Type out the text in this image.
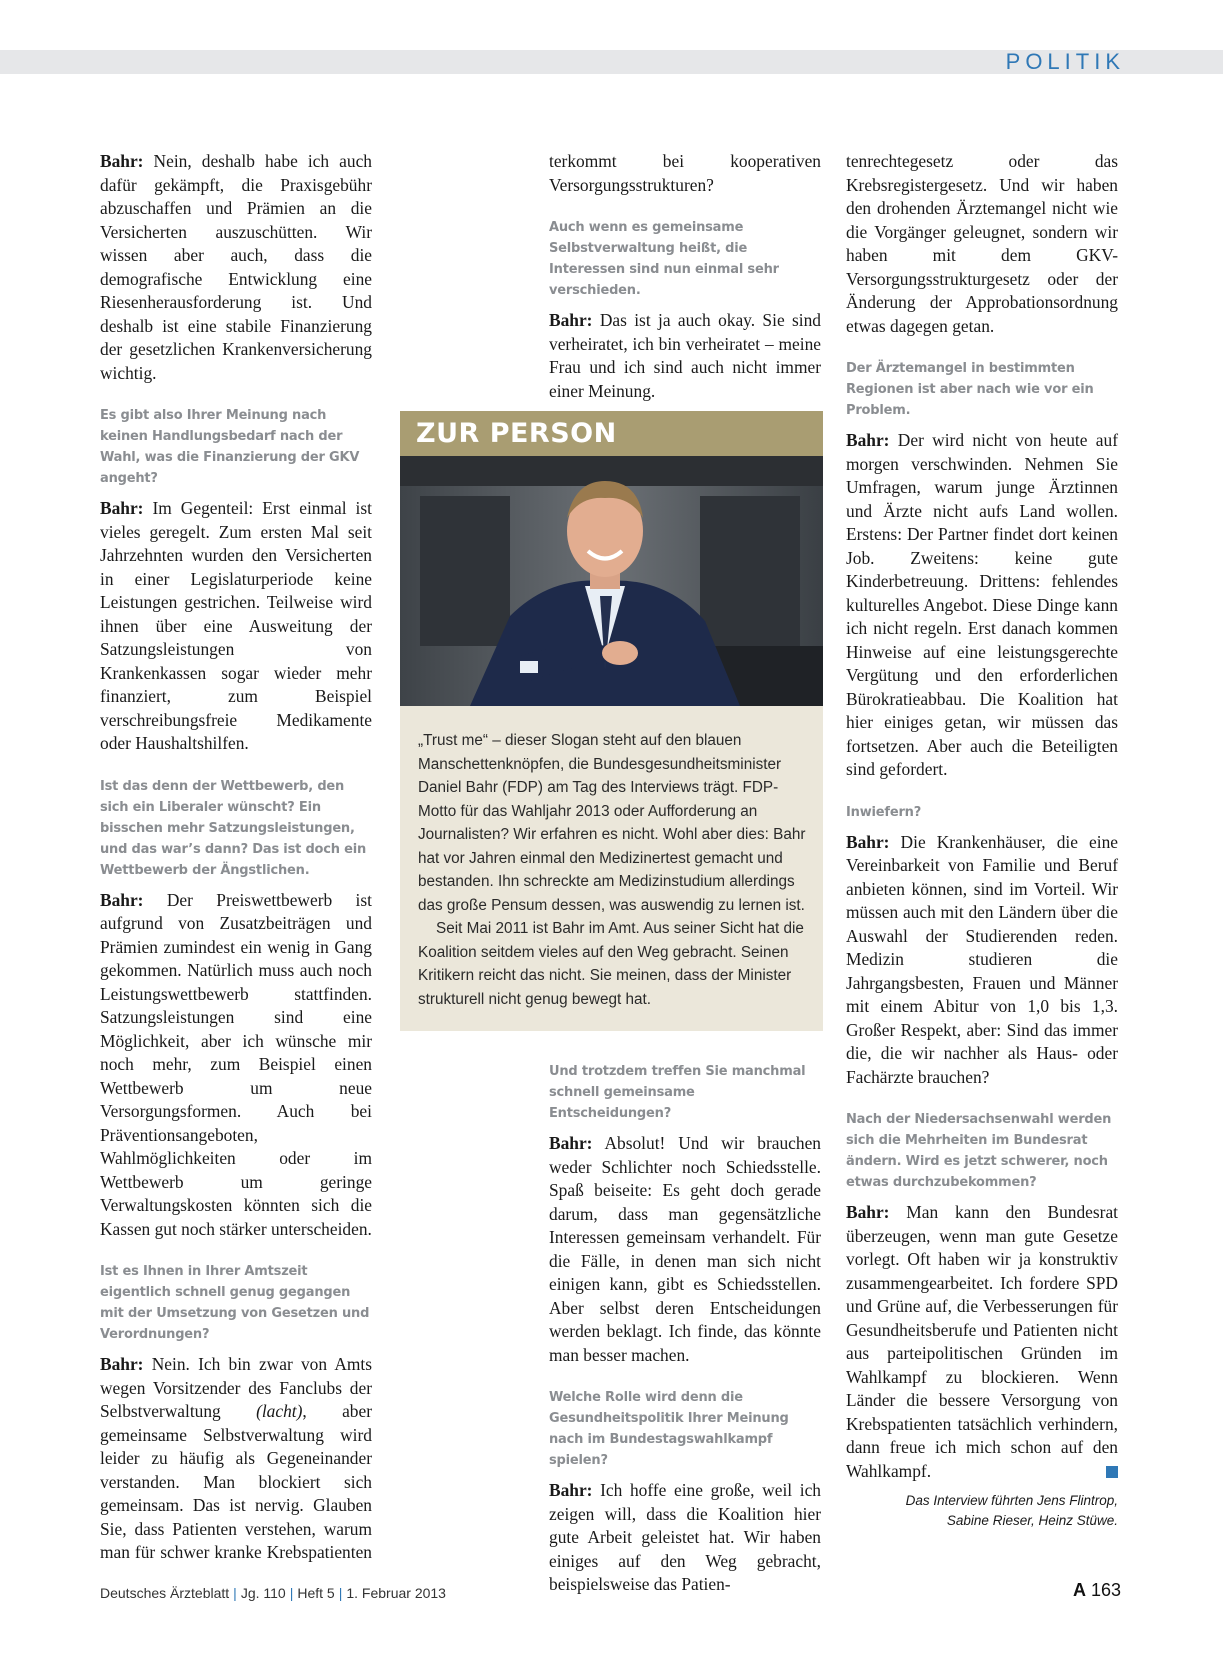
POLITIK

Bahr: Nein, deshalb habe ich auch dafür gekämpft, die Praxisgebühr abzuschaffen und Prämien an die Versicherten auszuschütten. Wir wissen aber auch, dass die demografische Entwicklung eine Riesenherausforderung ist. Und deshalb ist eine stabile Finanzierung der gesetzlichen Krankenversicherung wichtig.

Es gibt also Ihrer Meinung nach keinen Handlungsbedarf nach der Wahl, was die Finanzierung der GKV angeht?

Bahr: Im Gegenteil: Erst einmal ist vieles geregelt. Zum ersten Mal seit Jahrzehnten wurden den Versicherten in einer Legislaturperiode keine Leistungen gestrichen. Teilweise wird ihnen über eine Ausweitung der Satzungsleistungen von Krankenkassen sogar wieder mehr finanziert, zum Beispiel verschreibungsfreie Medikamente oder Haushaltshilfen.

Ist das denn der Wettbewerb, den sich ein Liberaler wünscht? Ein bisschen mehr Satzungsleistungen, und das war’s dann? Das ist doch ein Wettbewerb der Ängstlichen.

Bahr: Der Preiswettbewerb ist aufgrund von Zusatzbeiträgen und Prämien zumindest ein wenig in Gang gekommen. Natürlich muss auch noch Leistungswettbewerb stattfinden. Satzungsleistungen sind eine Möglichkeit, aber ich wünsche mir noch mehr, zum Beispiel einen Wettbewerb um neue Versorgungsformen. Auch bei Präventionsangeboten, Wahlmöglichkeiten oder im Wettbewerb um geringe Verwaltungskosten könnten sich die Kassen gut noch stärker unterscheiden.

Ist es Ihnen in Ihrer Amtszeit eigentlich schnell genug gegangen mit der Umsetzung von Gesetzen und Verordnungen?

Bahr: Nein. Ich bin zwar von Amts wegen Vorsitzender des Fanclubs der Selbstverwaltung (lacht), aber gemeinsame Selbstverwaltung wird leider zu häufig als Gegeneinander verstanden. Man blockiert sich gemeinsam. Das ist nervig. Glauben Sie, dass Patienten verstehen, warum man für schwer kranke Krebspatienten

terkommt bei kooperativen Versorgungsstrukturen?

Auch wenn es gemeinsame Selbstverwaltung heißt, die Interessen sind nun einmal sehr verschieden.

Bahr: Das ist ja auch okay. Sie sind verheiratet, ich bin verheiratet – meine Frau und ich sind auch nicht immer einer Meinung.

ZUR PERSON

„Trust me“ – dieser Slogan steht auf den blauen Manschettenknöpfen, die Bundesgesundheitsminister Daniel Bahr (FDP) am Tag des Interviews trägt. FDP-Motto für das Wahljahr 2013 oder Aufforderung an Journalisten? Wir erfahren es nicht. Wohl aber dies: Bahr hat vor Jahren einmal den Medizinertest gemacht und bestanden. Ihn schreckte am Medizinstudium allerdings das große Pensum dessen, was auswendig zu lernen ist.

Seit Mai 2011 ist Bahr im Amt. Aus seiner Sicht hat die Koalition seitdem vieles auf den Weg gebracht. Seinen Kritikern reicht das nicht. Sie meinen, dass der Minister strukturell nicht genug bewegt hat.

Und trotzdem treffen Sie manchmal schnell gemeinsame Entscheidungen?

Bahr: Absolut! Und wir brauchen weder Schlichter noch Schiedsstelle. Spaß beiseite: Es geht doch gerade darum, dass man gegensätzliche Interessen gemeinsam verhandelt. Für die Fälle, in denen man sich nicht einigen kann, gibt es Schiedsstellen. Aber selbst deren Entscheidungen werden beklagt. Ich finde, das könnte man besser machen.

Welche Rolle wird denn die Gesundheitspolitik Ihrer Meinung nach im Bundestagswahlkampf spielen?

Bahr: Ich hoffe eine große, weil ich zeigen will, dass die Koalition hier gute Arbeit geleistet hat. Wir haben einiges auf den Weg gebracht, beispielsweise das Patien-

tenrechtegesetz oder das Krebsregistergesetz. Und wir haben den drohenden Ärztemangel nicht wie die Vorgänger geleugnet, sondern wir haben mit dem GKV-Versorgungsstrukturgesetz oder der Änderung der Approbationsordnung etwas dagegen getan.

Der Ärztemangel in bestimmten Regionen ist aber nach wie vor ein Problem.

Bahr: Der wird nicht von heute auf morgen verschwinden. Nehmen Sie Umfragen, warum junge Ärztinnen und Ärzte nicht aufs Land wollen. Erstens: Der Partner findet dort keinen Job. Zweitens: keine gute Kinderbetreuung. Drittens: fehlendes kulturelles Angebot. Diese Dinge kann ich nicht regeln. Erst danach kommen Hinweise auf eine leistungsgerechte Vergütung und den erforderlichen Bürokratieabbau. Die Koalition hat hier einiges getan, wir müssen das fortsetzen. Aber auch die Beteiligten sind gefordert.

Inwiefern?

Bahr: Die Krankenhäuser, die eine Vereinbarkeit von Familie und Beruf anbieten können, sind im Vorteil. Wir müssen auch mit den Ländern über die Auswahl der Studierenden reden. Medizin studieren die Jahrgangsbesten, Frauen und Männer mit einem Abitur von 1,0 bis 1,3. Großer Respekt, aber: Sind das immer die, die wir nachher als Haus- oder Fachärzte brauchen?

Nach der Niedersachsenwahl werden sich die Mehrheiten im Bundesrat ändern. Wird es jetzt schwerer, noch etwas durchzubekommen?

Bahr: Man kann den Bundesrat überzeugen, wenn man gute Gesetze vorlegt. Oft haben wir ja konstruktiv zusammengearbeitet. Ich fordere SPD und Grüne auf, die Verbesserungen für Gesundheitsberufe und Patienten nicht aus parteipolitischen Gründen im Wahlkampf zu blockieren. Wenn Länder die bessere Versorgung von Krebspatienten tatsächlich verhindern, dann freue ich mich schon auf den Wahlkampf.

Das Interview führten Jens Flintrop,
Sabine Rieser, Heinz Stüwe.

Deutsches Ärzteblatt | Jg. 110 | Heft 5 | 1. Februar 2013	A 163
